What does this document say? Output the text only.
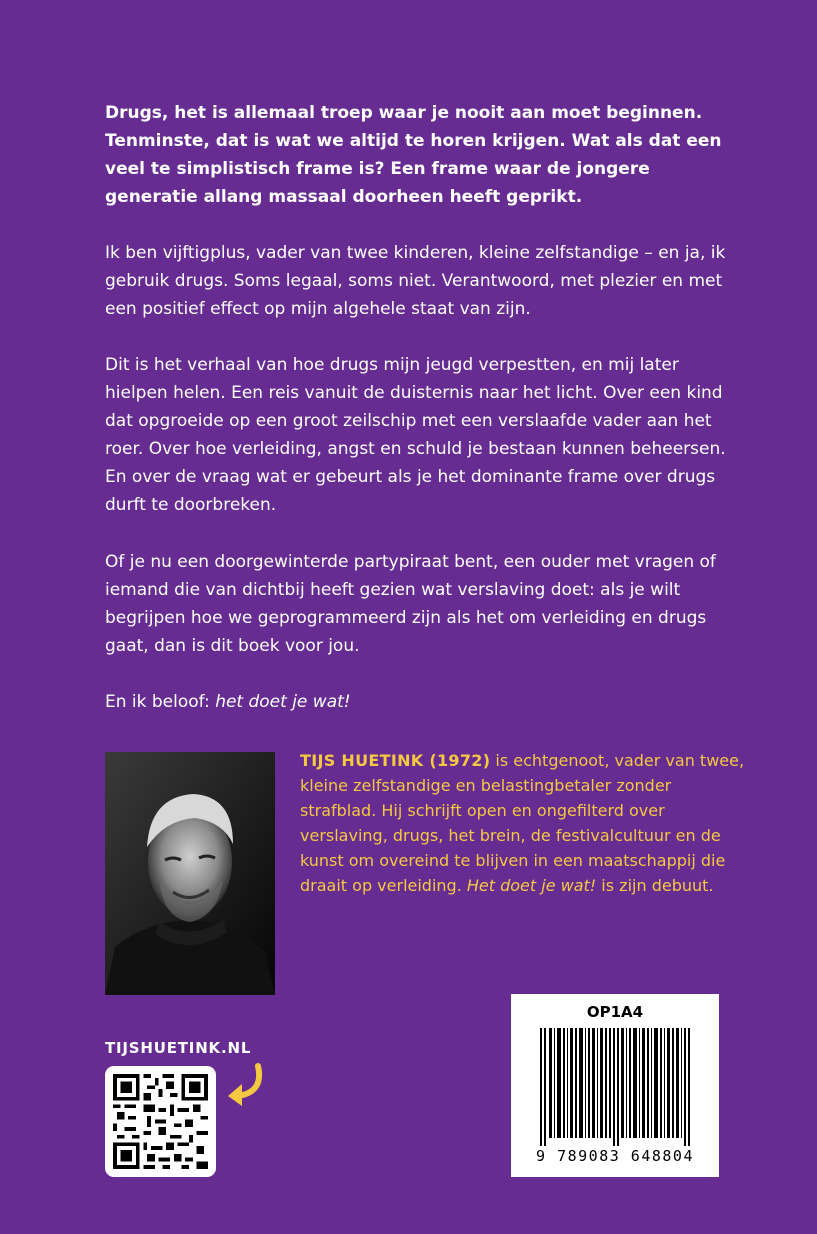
Drugs, het is allemaal troep waar je nooit aan moet beginnen. Tenminste, dat is wat we altijd te horen krijgen. Wat als dat een veel te simplistisch frame is? Een frame waar de jongere generatie allang massaal doorheen heeft geprikt.

Ik ben vijftigplus, vader van twee kinderen, kleine zelfstandige – en ja, ik gebruik drugs. Soms legaal, soms niet. Verantwoord, met plezier en met een positief effect op mijn algehele staat van zijn.

Dit is het verhaal van hoe drugs mijn jeugd verpestten, en mij later hielpen helen. Een reis vanuit de duisternis naar het licht. Over een kind dat opgroeide op een groot zeilschip met een verslaafde vader aan het roer. Over hoe verleiding, angst en schuld je bestaan kunnen beheersen. En over de vraag wat er gebeurt als je het dominante frame over drugs durft te doorbreken.

Of je nu een doorgewinterde partypiraat bent, een ouder met vragen of iemand die van dichtbij heeft gezien wat verslaving doet: als je wilt begrijpen hoe we geprogrammeerd zijn als het om verleiding en drugs gaat, dan is dit boek voor jou.

En ik beloof: het doet je wat!

TIJS HUETINK (1972) is echtgenoot, vader van twee, kleine zelfstandige en belastingbetaler zonder strafblad. Hij schrijft open en ongefilterd over verslaving, drugs, het brein, de festivalcultuur en de kunst om overeind te blijven in een maatschappij die draait op verleiding. Het doet je wat! is zijn debuut.

TIJSHUETINK.NL

OP1A4

9 789083 648804
